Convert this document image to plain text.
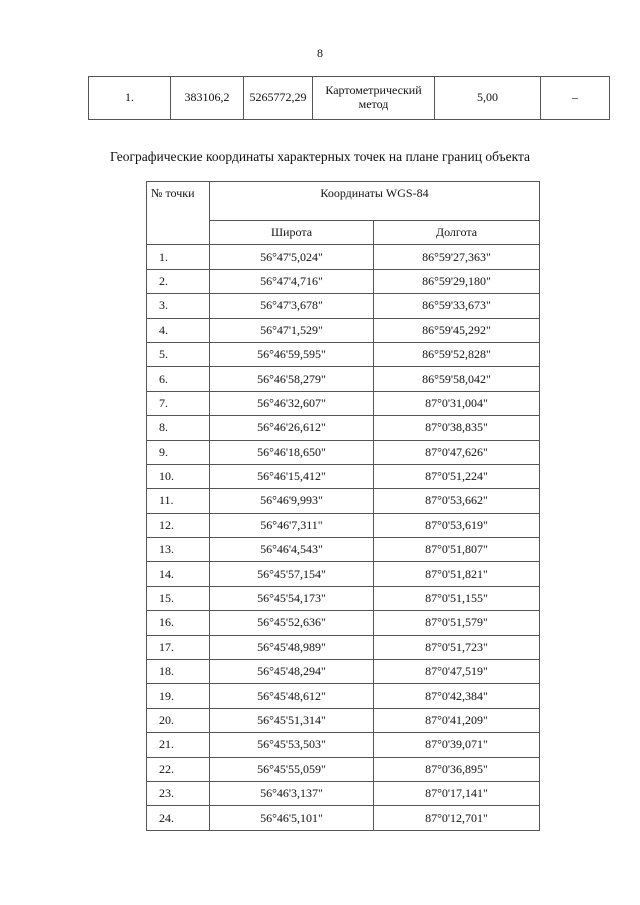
8
1.	383106,2	5265772,29	Картометрический метод	5,00	–
Географические координаты характерных точек на плане границ объекта
№ точки	Координаты WGS-84	
	Широта	Долгота
1.	56°47'5,024"	86°59'27,363"
2.	56°47'4,716"	86°59'29,180"
3.	56°47'3,678"	86°59'33,673"
4.	56°47'1,529"	86°59'45,292"
5.	56°46'59,595"	86°59'52,828"
6.	56°46'58,279"	86°59'58,042"
7.	56°46'32,607"	87°0'31,004"
8.	56°46'26,612"	87°0'38,835"
9.	56°46'18,650"	87°0'47,626"
10.	56°46'15,412"	87°0'51,224"
11.	56°46'9,993"	87°0'53,662"
12.	56°46'7,311"	87°0'53,619"
13.	56°46'4,543"	87°0'51,807"
14.	56°45'57,154"	87°0'51,821"
15.	56°45'54,173"	87°0'51,155"
16.	56°45'52,636"	87°0'51,579"
17.	56°45'48,989"	87°0'51,723"
18.	56°45'48,294"	87°0'47,519"
19.	56°45'48,612"	87°0'42,384"
20.	56°45'51,314"	87°0'41,209"
21.	56°45'53,503"	87°0'39,071"
22.	56°45'55,059"	87°0'36,895"
23.	56°46'3,137"	87°0'17,141"
24.	56°46'5,101"	87°0'12,701"
